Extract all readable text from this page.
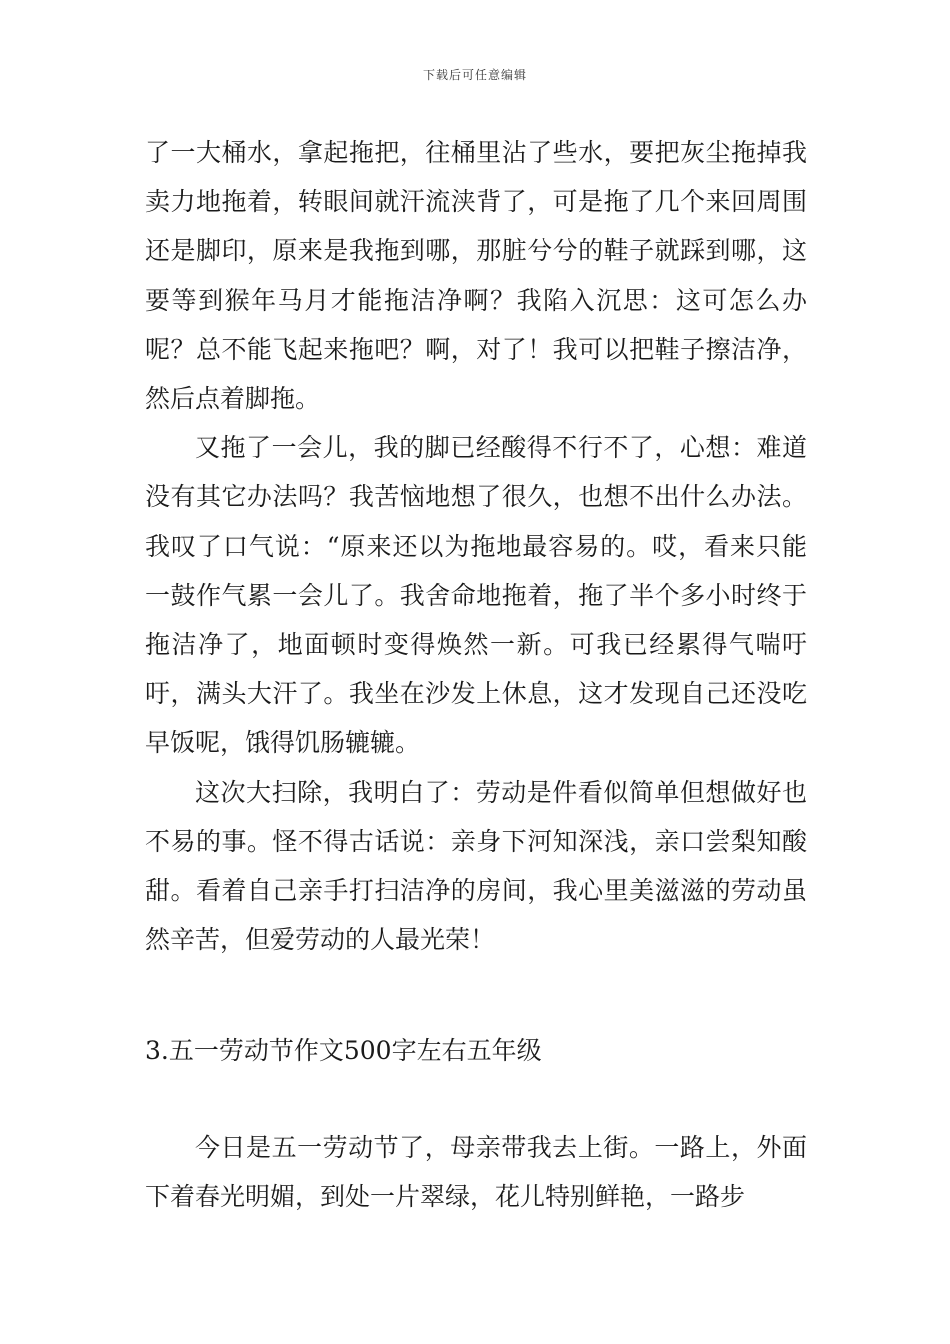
下载后可任意编辑

了一大桶水，拿起拖把，往桶里沾了些水，要把灰尘拖掉我卖力地拖着，转眼间就汗流浃背了，可是拖了几个来回周围还是脚印，原来是我拖到哪，那脏兮兮的鞋子就踩到哪，这要等到猴年马月才能拖洁净啊？我陷入沉思：这可怎么办呢？总不能飞起来拖吧？啊，对了！我可以把鞋子擦洁净，然后点着脚拖。

又拖了一会儿，我的脚已经酸得不行不了，心想：难道没有其它办法吗？我苦恼地想了很久，也想不出什么办法。我叹了口气说：“原来还以为拖地最容易的。哎，看来只能一鼓作气累一会儿了。我舍命地拖着，拖了半个多小时终于拖洁净了，地面顿时变得焕然一新。可我已经累得气喘吁吁，满头大汗了。我坐在沙发上休息，这才发现自己还没吃早饭呢，饿得饥肠辘辘。

这次大扫除，我明白了：劳动是件看似简单但想做好也不易的事。怪不得古话说：亲身下河知深浅，亲口尝梨知酸甜。看着自己亲手打扫洁净的房间，我心里美滋滋的劳动虽然辛苦，但爱劳动的人最光荣！

3.五一劳动节作文500字左右五年级

今日是五一劳动节了，母亲带我去上街。一路上，外面下着春光明媚，到处一片翠绿，花儿特别鲜艳，一路步
